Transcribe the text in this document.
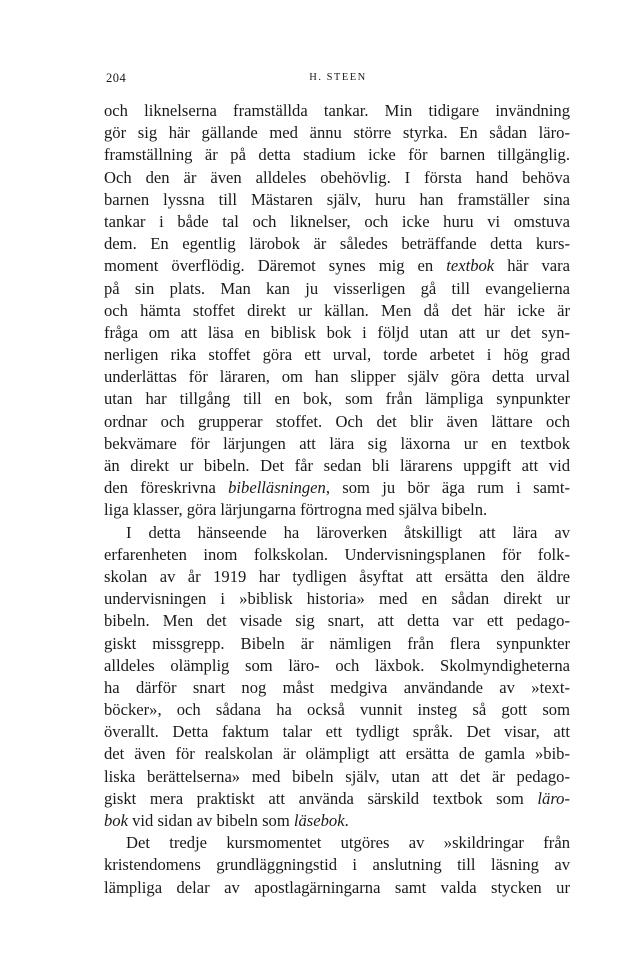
204	H. STEEN
och liknelserna framställda tankar. Min tidigare invändning
gör sig här gällande med ännu större styrka. En sådan läro-
framställning är på detta stadium icke för barnen tillgänglig.
Och den är även alldeles obehövlig. I första hand behöva
barnen lyssna till Mästaren själv, huru han framställer sina
tankar i både tal och liknelser, och icke huru vi omstuva
dem. En egentlig lärobok är således beträffande detta kurs-
moment överflödig. Däremot synes mig en textbok här vara
på sin plats. Man kan ju visserligen gå till evangelierna
och hämta stoffet direkt ur källan. Men då det här icke är
fråga om att läsa en biblisk bok i följd utan att ur det syn-
nerligen rika stoffet göra ett urval, torde arbetet i hög grad
underlättas för läraren, om han slipper själv göra detta urval
utan har tillgång till en bok, som från lämpliga synpunkter
ordnar och grupperar stoffet. Och det blir även lättare och
bekvämare för lärjungen att lära sig läxorna ur en textbok
än direkt ur bibeln. Det får sedan bli lärarens uppgift att vid
den föreskrivna bibelläsningen, som ju bör äga rum i samt-
liga klasser, göra lärjungarna förtrogna med själva bibeln.
I detta hänseende ha läroverken åtskilligt att lära av
erfarenheten inom folkskolan. Undervisningsplanen för folk-
skolan av år 1919 har tydligen åsyftat att ersätta den äldre
undervisningen i »biblisk historia» med en sådan direkt ur
bibeln. Men det visade sig snart, att detta var ett pedago-
giskt missgrepp. Bibeln är nämligen från flera synpunkter
alldeles olämplig som läro- och läxbok. Skolmyndigheterna
ha därför snart nog måst medgiva användande av »text-
böcker», och sådana ha också vunnit insteg så gott som
överallt. Detta faktum talar ett tydligt språk. Det visar, att
det även för realskolan är olämpligt att ersätta de gamla »bib-
liska berättelserna» med bibeln själv, utan att det är pedago-
giskt mera praktiskt att använda särskild textbok som läro-
bok vid sidan av bibeln som läsebok.
Det tredje kursmomentet utgöres av »skildringar från
kristendomens grundläggningstid i anslutning till läsning av
lämpliga delar av apostlagärningarna samt valda stycken ur
